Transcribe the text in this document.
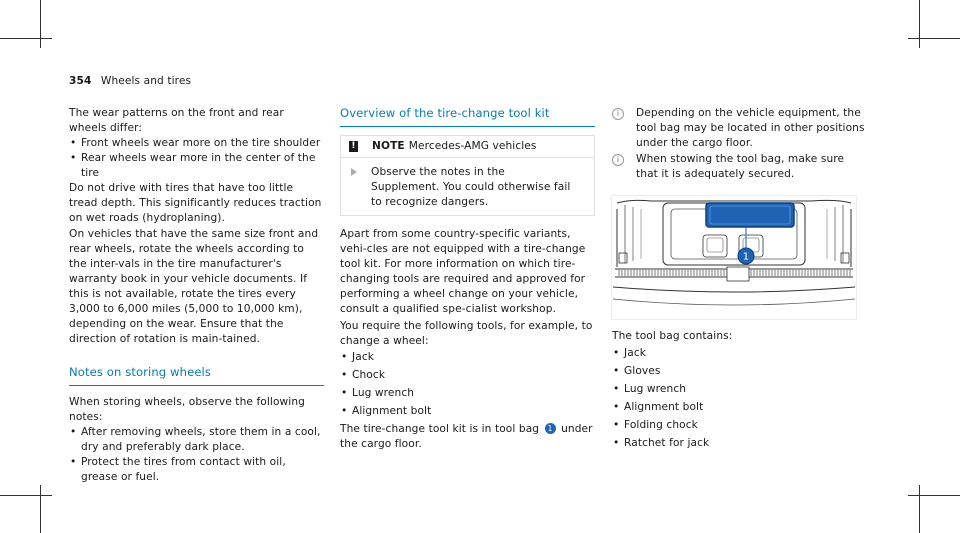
354 Wheels and tires

The wear patterns on the front and rear wheels differ:

• Front wheels wear more on the tire shoulder
• Rear wheels wear more in the center of the tire

Do not drive with tires that have too little tread depth. This significantly reduces traction on wet roads (hydroplaning).

On vehicles that have the same size front and rear wheels, rotate the wheels according to the inter-vals in the tire manufacturer's warranty book in your vehicle documents. If this is not available, rotate the tires every 3,000 to 6,000 miles (5,000 to 10,000 km), depending on the wear. Ensure that the direction of rotation is main-tained.

Notes on storing wheels

When storing wheels, observe the following notes:

• After removing wheels, store them in a cool, dry and preferably dark place.
• Protect the tires from contact with oil, grease or fuel.
Overview of the tire-change tool kit
! NOTE Mercedes-AMG vehicles
Observe the notes in the Supplement. You could otherwise fail to recognize dangers.

Apart from some country-specific variants, vehi-cles are not equipped with a tire-change tool kit. For more information on which tire-changing tools are required and approved for performing a wheel change on your vehicle, consult a qualified spe-cialist workshop.

You require the following tools, for example, to change a wheel:

• Jack
• Chock
• Lug wrench
• Alignment bolt

The tire-change tool kit is in tool bag 1 under the cargo floor.

i	Depending on the vehicle equipment, the tool bag may be located in other positions under the cargo floor.
i	When stowing the tool bag, make sure that it is adequately secured.
1

The tool bag contains:

• Jack
• Gloves
• Lug wrench
• Alignment bolt
• Folding chock
• Ratchet for jack
